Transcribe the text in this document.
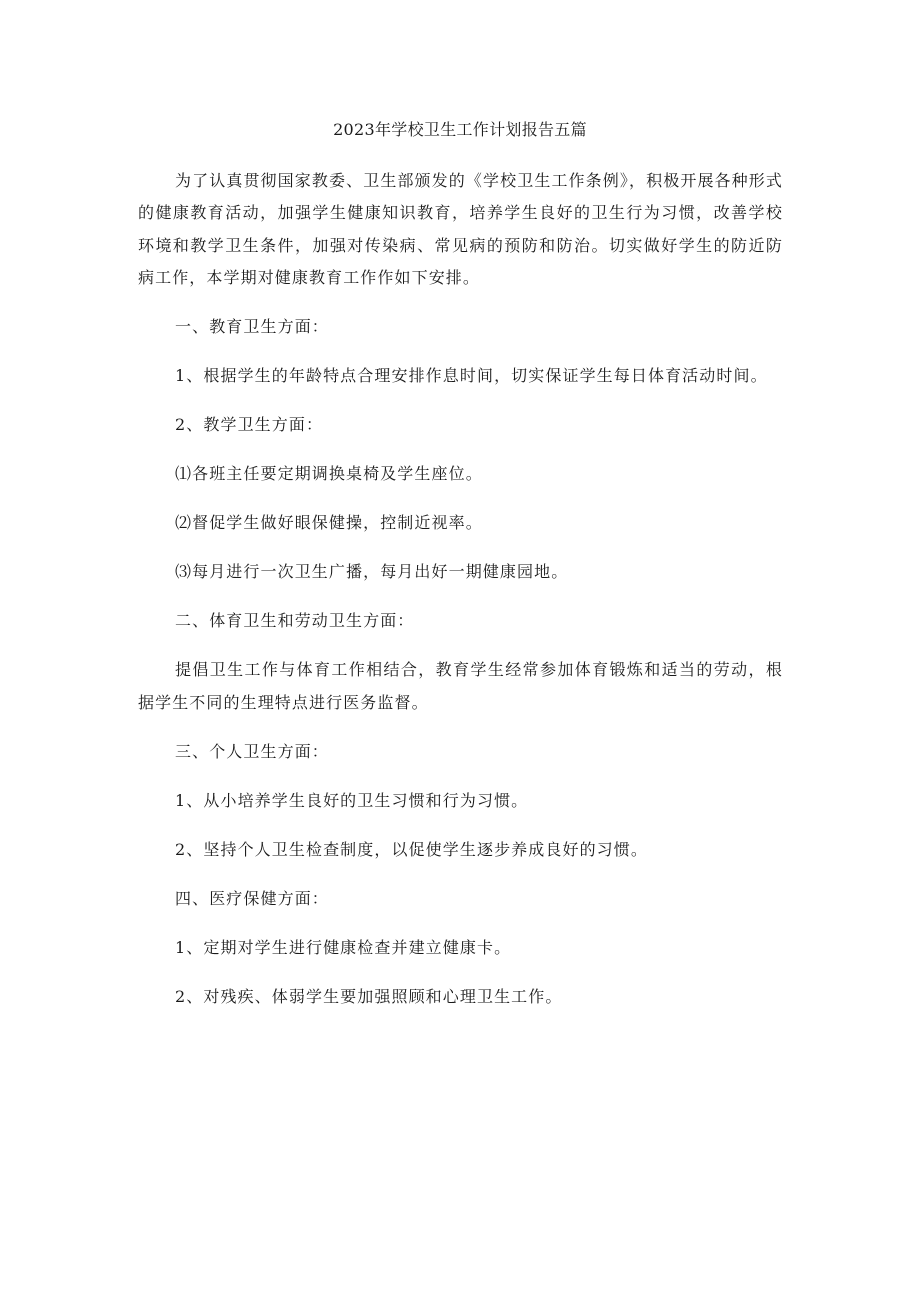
2023年学校卫生工作计划报告五篇

为了认真贯彻国家教委、卫生部颁发的《学校卫生工作条例》，积极开展各种形式的健康教育活动，加强学生健康知识教育，培养学生良好的卫生行为习惯，改善学校环境和教学卫生条件，加强对传染病、常见病的预防和防治。切实做好学生的防近防病工作，本学期对健康教育工作作如下安排。

一、教育卫生方面：

1、根据学生的年龄特点合理安排作息时间，切实保证学生每日体育活动时间。

2、教学卫生方面：

⑴各班主任要定期调换桌椅及学生座位。

⑵督促学生做好眼保健操，控制近视率。

⑶每月进行一次卫生广播，每月出好一期健康园地。

二、体育卫生和劳动卫生方面：

提倡卫生工作与体育工作相结合，教育学生经常参加体育锻炼和适当的劳动，根据学生不同的生理特点进行医务监督。

三、个人卫生方面：

1、从小培养学生良好的卫生习惯和行为习惯。

2、坚持个人卫生检查制度，以促使学生逐步养成良好的习惯。

四、医疗保健方面：

1、定期对学生进行健康检查并建立健康卡。

2、对残疾、体弱学生要加强照顾和心理卫生工作。
